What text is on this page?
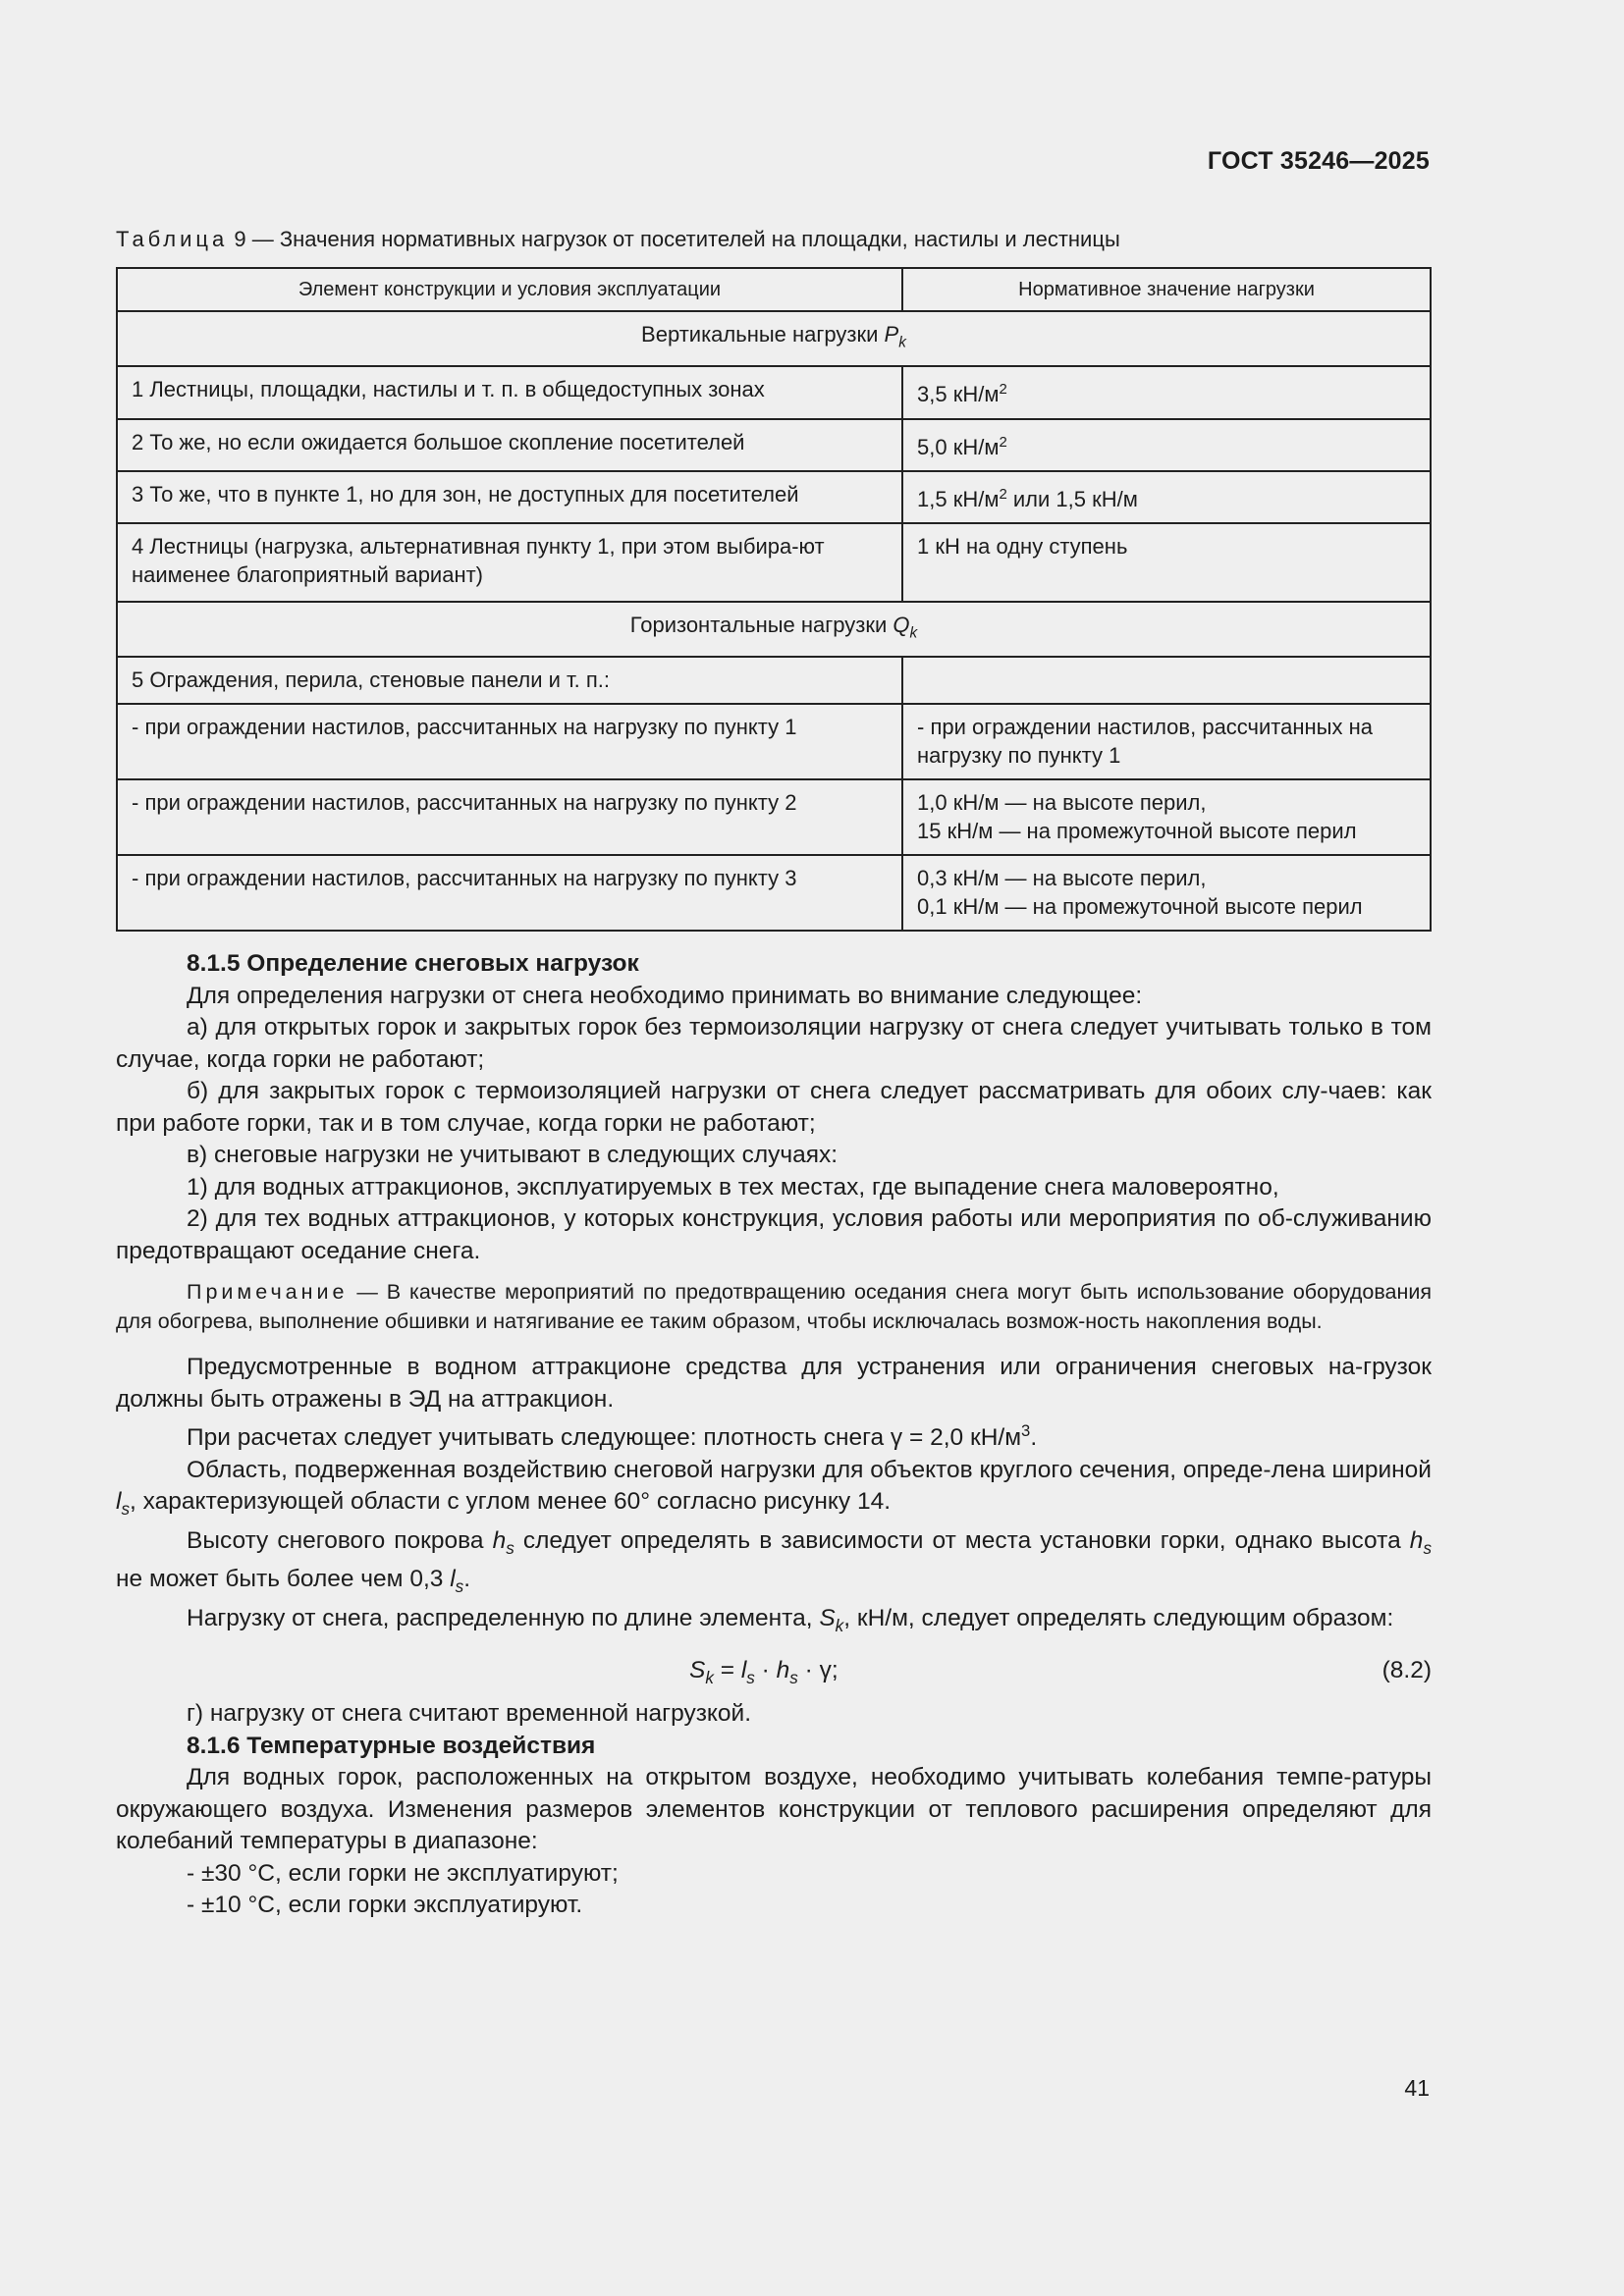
ГОСТ 35246—2025
Таблица 9 — Значения нормативных нагрузок от посетителей на площадки, настилы и лестницы
Элемент конструкции и условия эксплуатации	Нормативное значение нагрузки
Вертикальные нагрузки $P_k$
1 Лестницы, площадки, настилы и т. п. в общедоступных зонах	3,5 $кН/м^2$
2 То же, но если ожидается большое скопление посетителей	5,0 $кН/м^2$
3 То же, что в пункте 1, но для зон, не доступных для посетителей	1,5 $кН/м^2$ или 1,5 кН/м
4 Лестницы (нагрузка, альтернативная пункту 1, при этом выбира-ют наименее благоприятный вариант)	1 кН на одну ступень
Горизонтальные нагрузки $Q_k$
5 Ограждения, перила, стеновые панели и т. п.:	
- при ограждении настилов, рассчитанных на нагрузку по пункту 1	- при ограждении настилов, рассчитанных на нагрузку по пункту 1
- при ограждении настилов, рассчитанных на нагрузку по пункту 2	1,0 кН/м — на высоте перил,
15 кН/м — на промежуточной высоте перил

- при ограждении настилов, рассчитанных на нагрузку по пункту 3	0,3 кН/м — на высоте перил,
0,1 кН/м — на промежуточной высоте перил

8.1.5 Определение снеговых нагрузок

Для определения нагрузки от снега необходимо принимать во внимание следующее:

а) для открытых горок и закрытых горок без термоизоляции нагрузку от снега следует учитывать только в том случае, когда горки не работают;

б) для закрытых горок с термоизоляцией нагрузки от снега следует рассматривать для обоих слу-чаев: как при работе горки, так и в том случае, когда горки не работают;

в) снеговые нагрузки не учитывают в следующих случаях:

1) для водных аттракционов, эксплуатируемых в тех местах, где выпадение снега маловероятно,

2) для тех водных аттракционов, у которых конструкция, условия работы или мероприятия по об-служиванию предотвращают оседание снега.

Примечание — В качестве мероприятий по предотвращению оседания снега могут быть использование оборудования для обогрева, выполнение обшивки и натягивание ее таким образом, чтобы исключалась возмож-ность накопления воды.

Предусмотренные в водном аттракционе средства для устранения или ограничения снеговых на-грузок должны быть отражены в ЭД на аттракцион.

При расчетах следует учитывать следующее: плотность снега γ = 2,0 $кН/м^3$.

Область, подверженная воздействию снеговой нагрузки для объектов круглого сечения, опреде-лена шириной $l_s$, характеризующей области с углом менее 60° согласно рисунку 14.

Высоту снегового покрова $h_s$ следует определять в зависимости от места установки горки, однако высота $h_s$ не может быть более чем 0,3 $l_s$.

Нагрузку от снега, распределенную по длине элемента, $S_k$, кН/м, следует определять следующим образом:

$S_k = l_s \cdot h_s \cdot \gamma$;	(8.2)

г) нагрузку от снега считают временной нагрузкой.

8.1.6 Температурные воздействия

Для водных горок, расположенных на открытом воздухе, необходимо учитывать колебания темпе-ратуры окружающего воздуха. Изменения размеров элементов конструкции от теплового расширения определяют для колебаний температуры в диапазоне:

- ±30 °С, если горки не эксплуатируют;

- ±10 °С, если горки эксплуатируют.

41
